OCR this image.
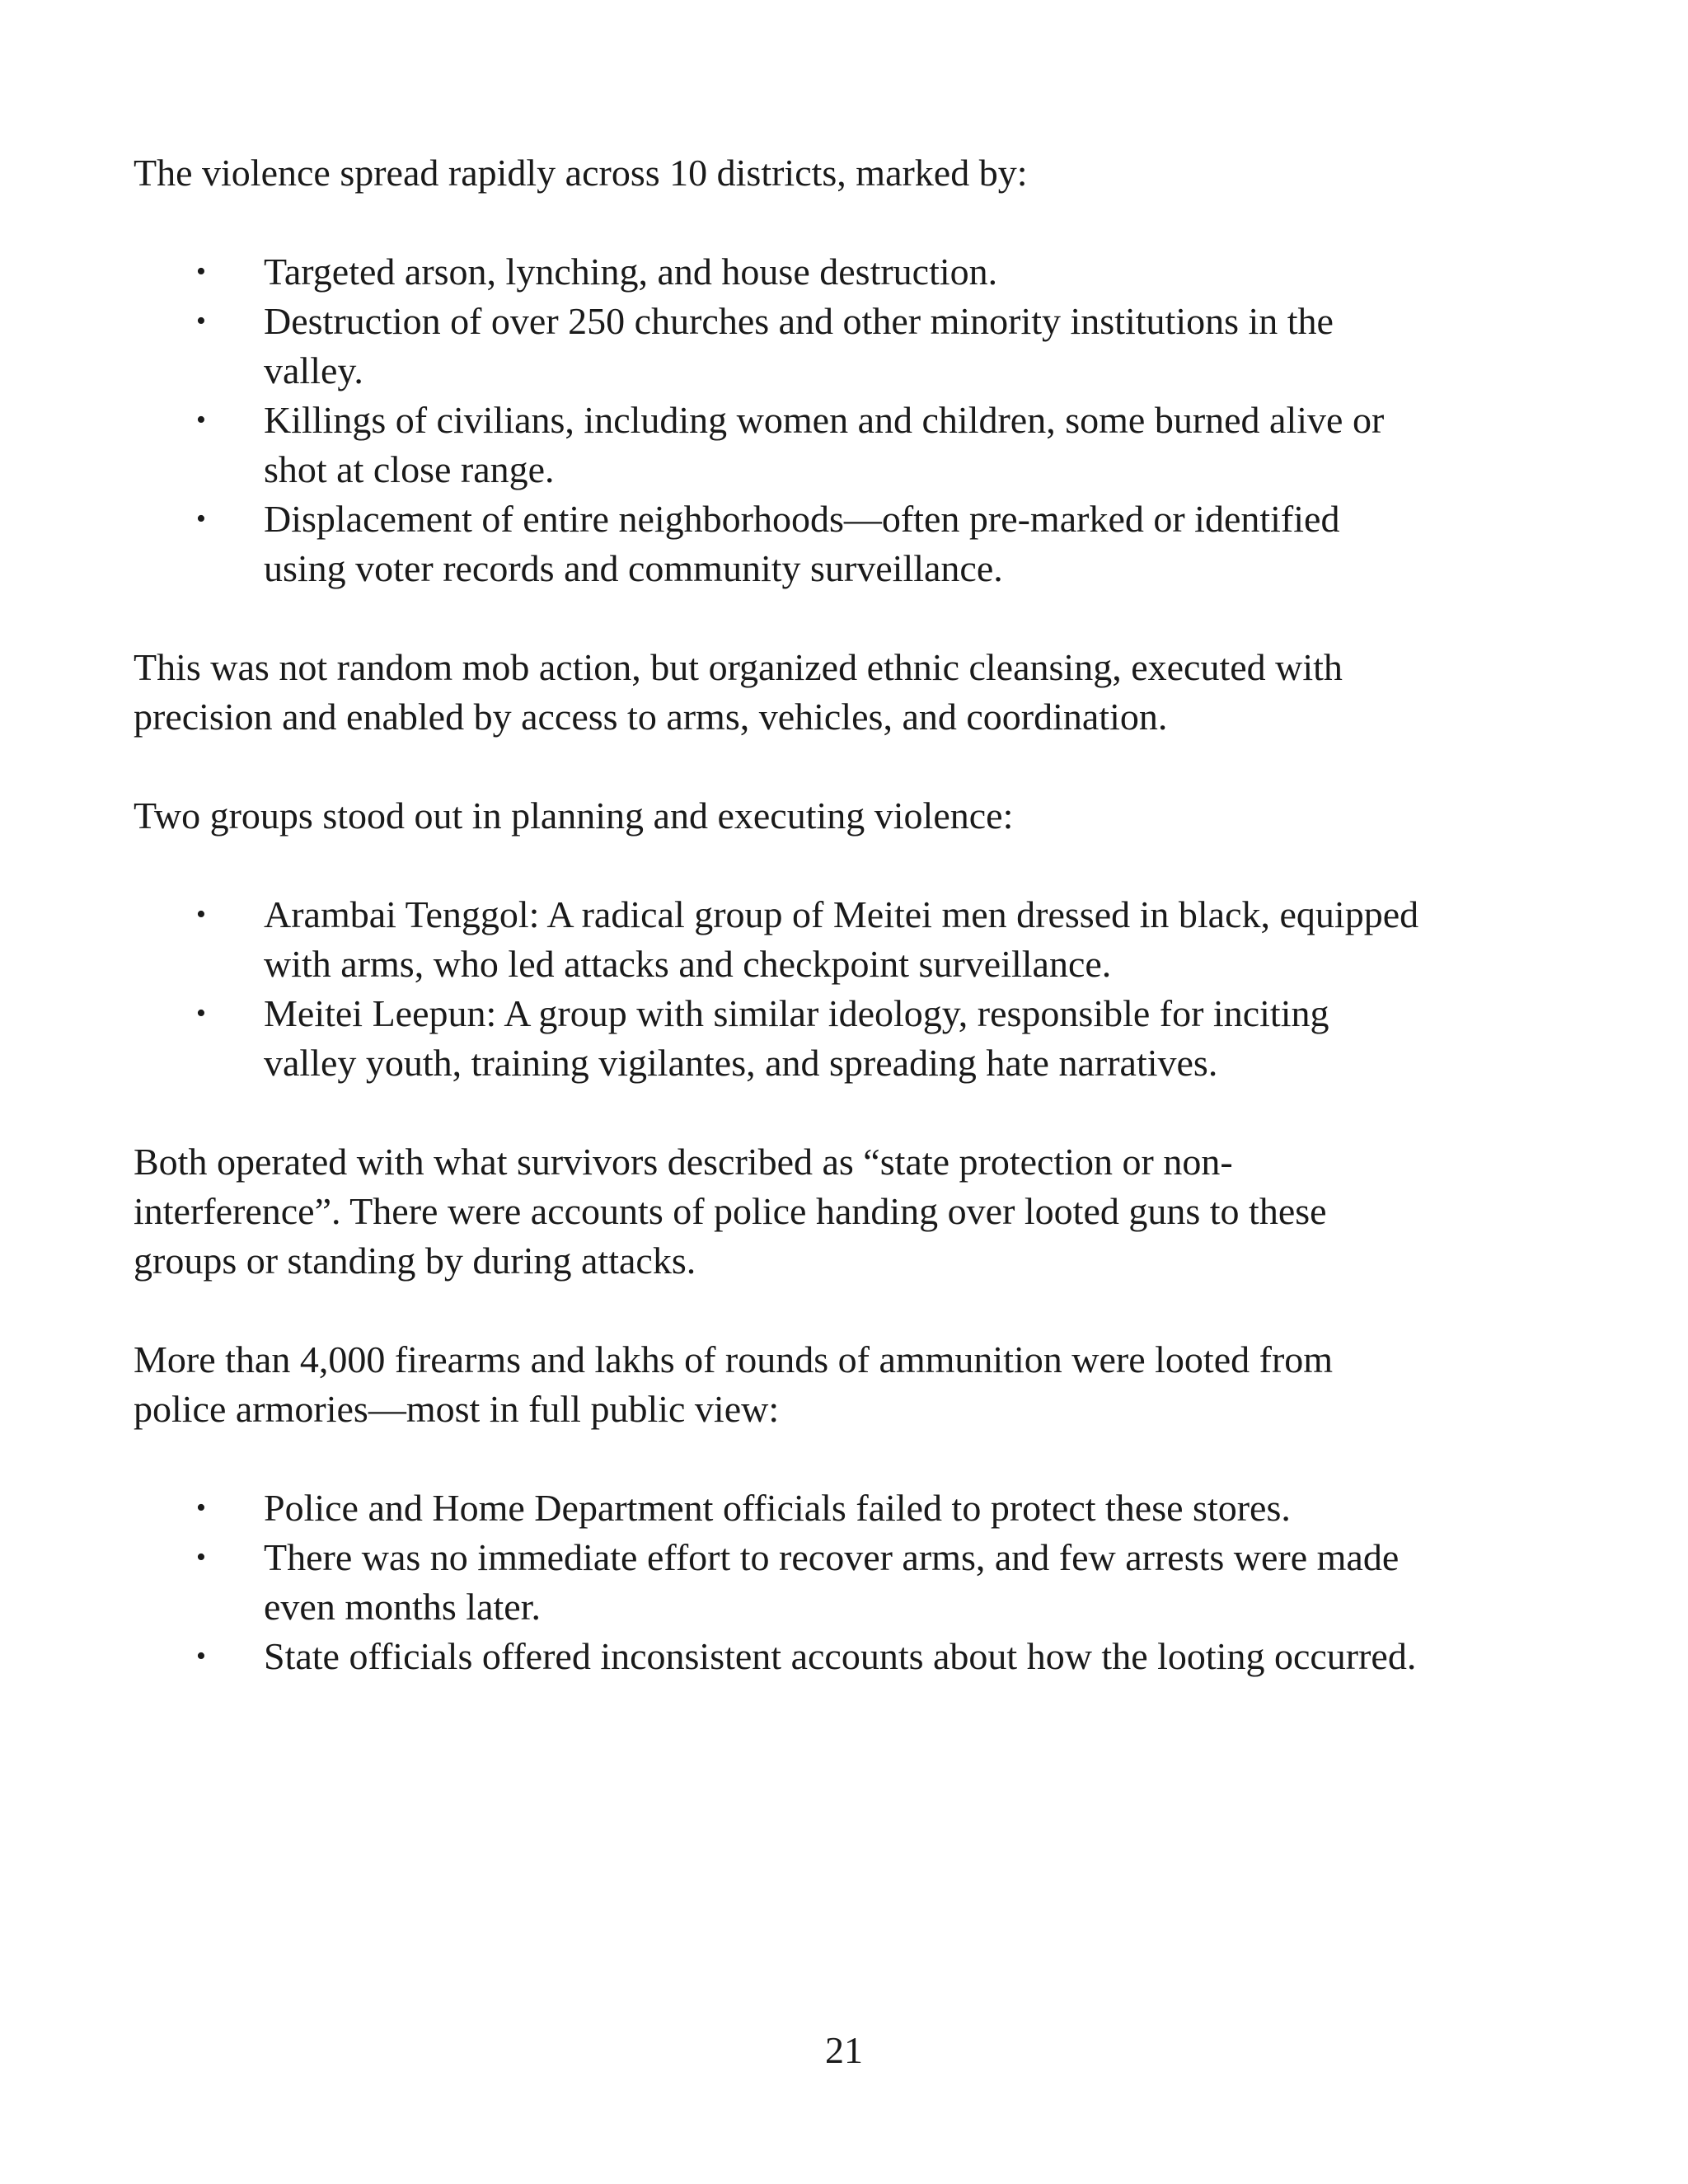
The violence spread rapidly across 10 districts, marked by:

• Targeted arson, lynching, and house destruction.
• Destruction of over 250 churches and other minority institutions in the valley.
• Killings of civilians, including women and children, some burned alive or shot at close range.
• Displacement of entire neighborhoods—often pre-marked or identified using voter records and community surveillance.

This was not random mob action, but organized ethnic cleansing, executed with precision and enabled by access to arms, vehicles, and coordination.

Two groups stood out in planning and executing violence:

• Arambai Tenggol: A radical group of Meitei men dressed in black, equipped with arms, who led attacks and checkpoint surveillance.
• Meitei Leepun: A group with similar ideology, responsible for inciting valley youth, training vigilantes, and spreading hate narratives.

Both operated with what survivors described as “state protection or non-interference”. There were accounts of police handing over looted guns to these groups or standing by during attacks.

More than 4,000 firearms and lakhs of rounds of ammunition were looted from police armories—most in full public view:

• Police and Home Department officials failed to protect these stores.
• There was no immediate effort to recover arms, and few arrests were made even months later.
• State officials offered inconsistent accounts about how the looting occurred.
21
